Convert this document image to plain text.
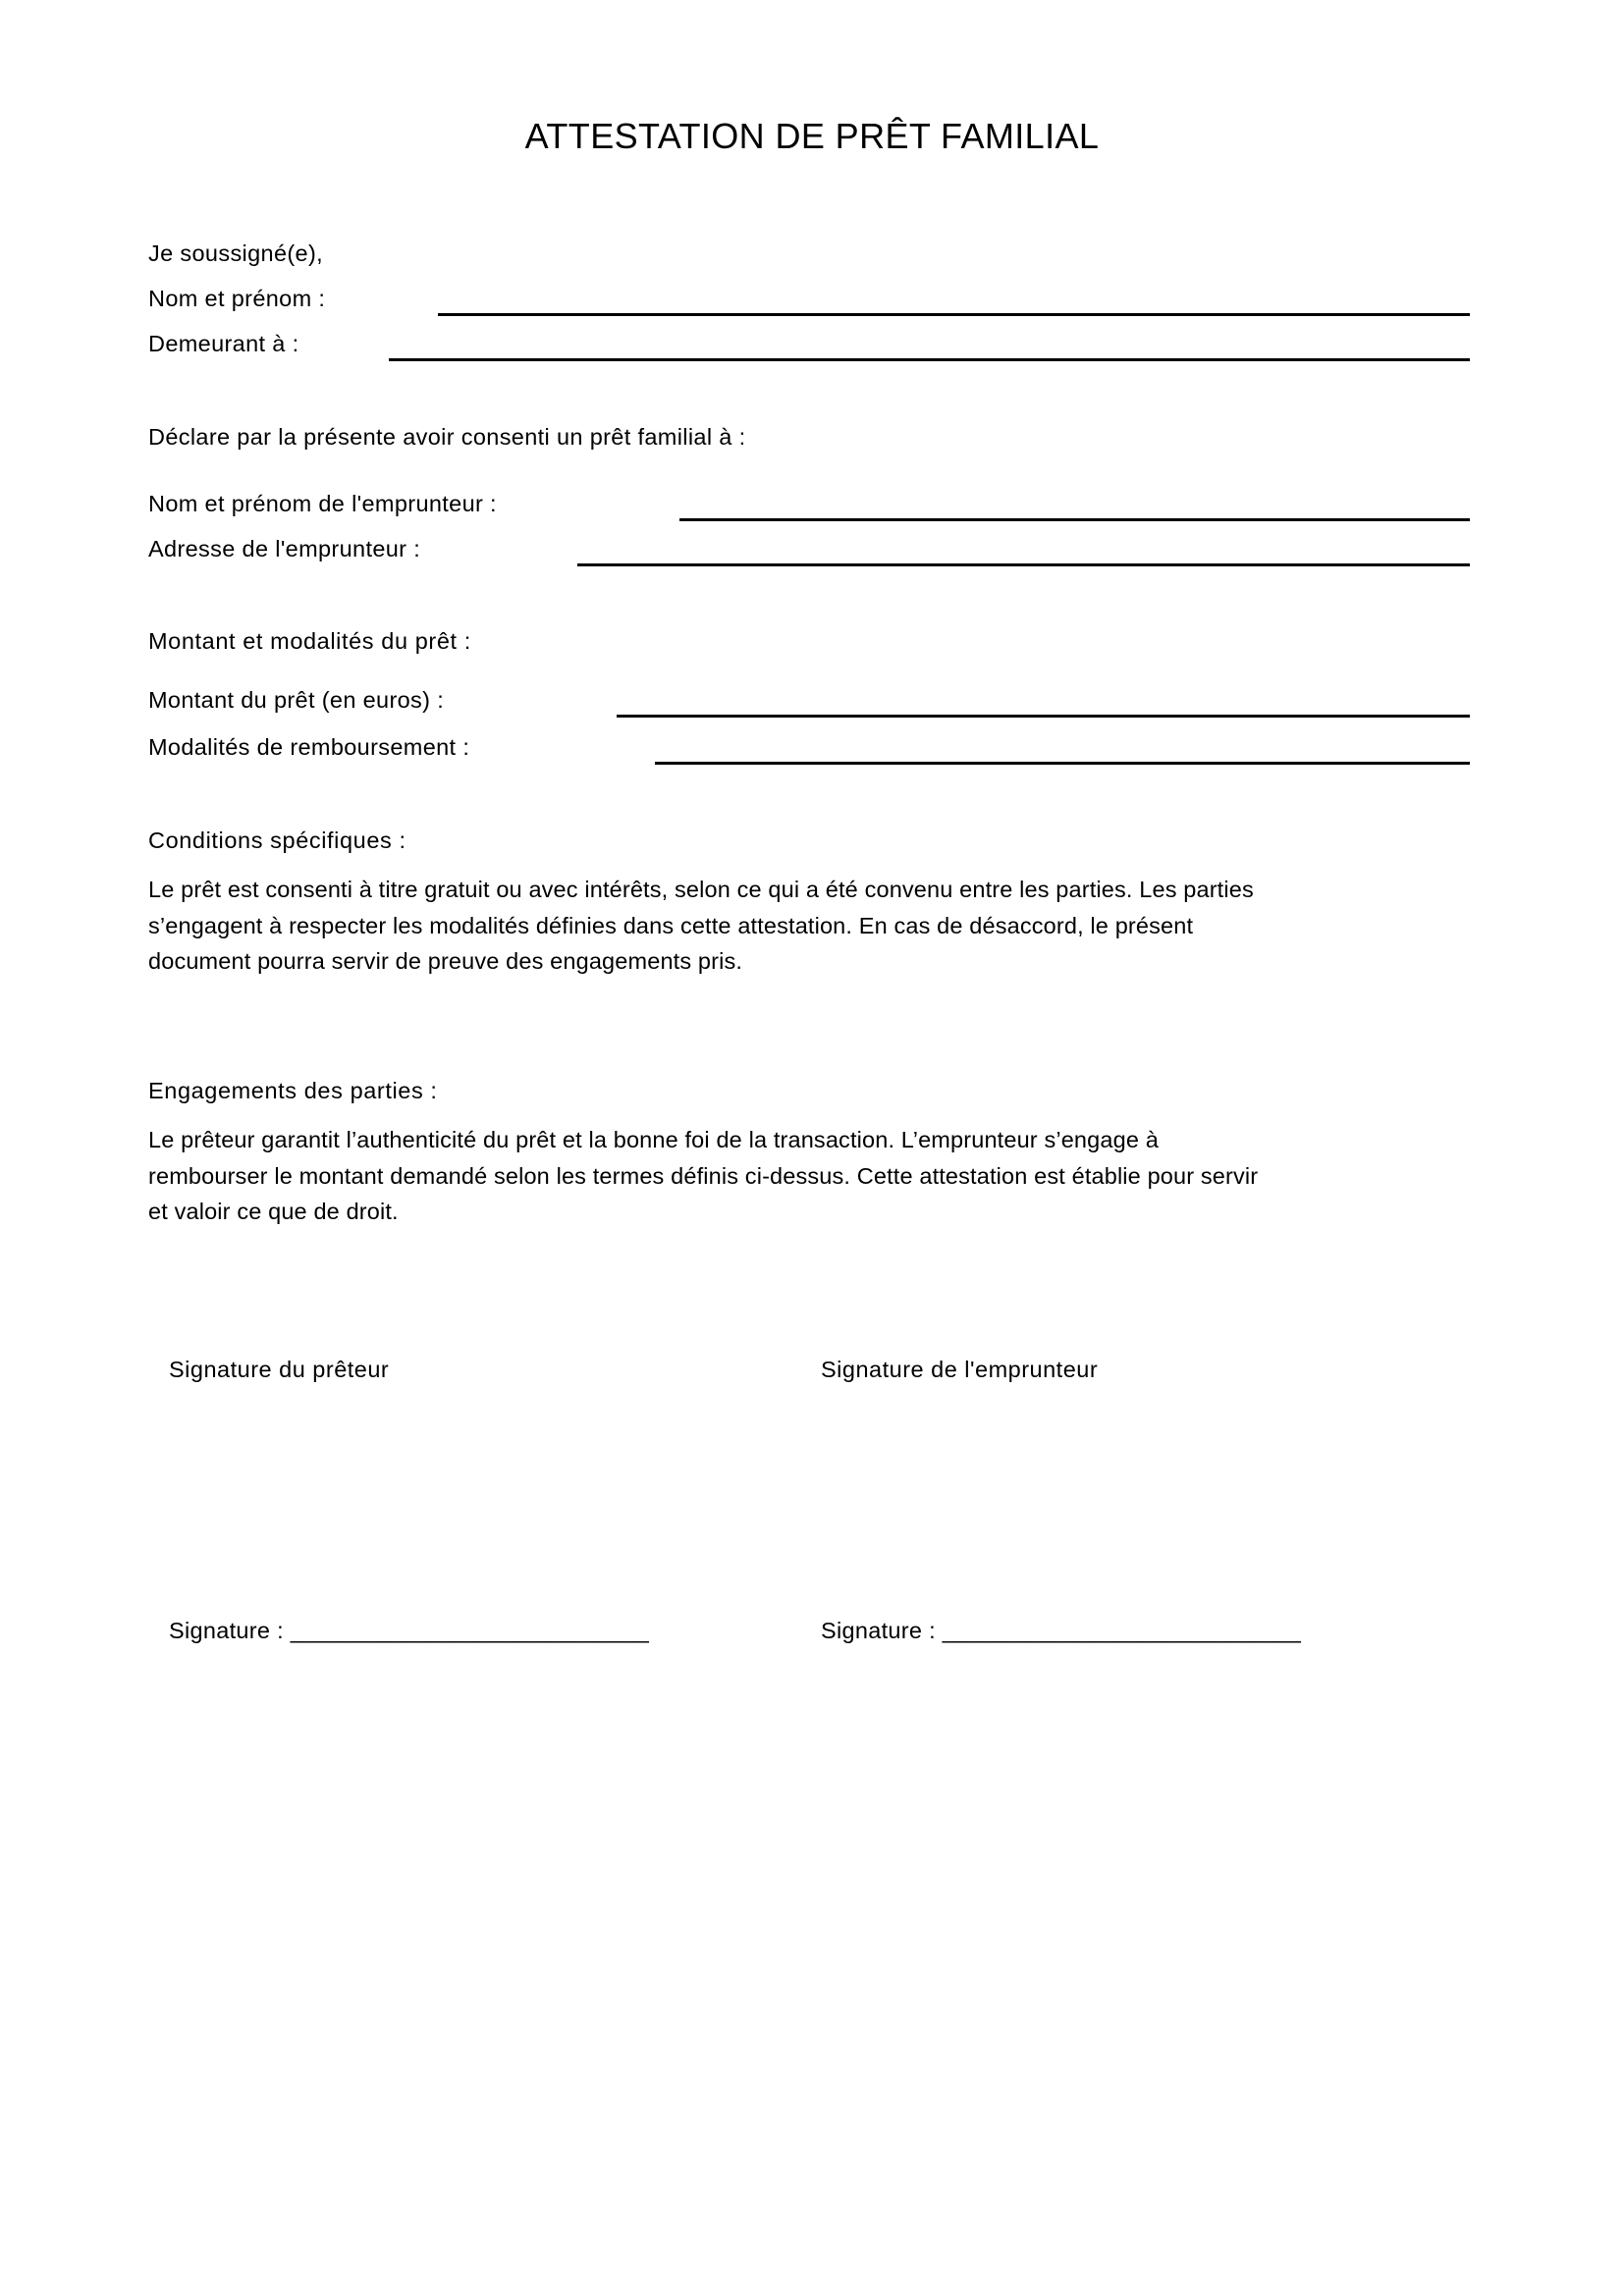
ATTESTATION DE PRÊT FAMILIAL
Je soussigné(e),
Nom et prénom :
Demeurant à :
Déclare par la présente avoir consenti un prêt familial à :
Nom et prénom de l'emprunteur :
Adresse de l'emprunteur :
Montant et modalités du prêt :
Montant du prêt (en euros) :
Modalités de remboursement :
Conditions spécifiques :
Le prêt est consenti à titre gratuit ou avec intérêts, selon ce qui a été convenu entre les parties. Les parties
s’engagent à respecter les modalités définies dans cette attestation. En cas de désaccord, le présent
document pourra servir de preuve des engagements pris.
Engagements des parties :
Le prêteur garantit l’authenticité du prêt et la bonne foi de la transaction. L’emprunteur s’engage à
rembourser le montant demandé selon les termes définis ci-dessus. Cette attestation est établie pour servir
et valoir ce que de droit.
Signature du prêteur	Signature de l'emprunteur
Signature : _____________________________	Signature : _____________________________
